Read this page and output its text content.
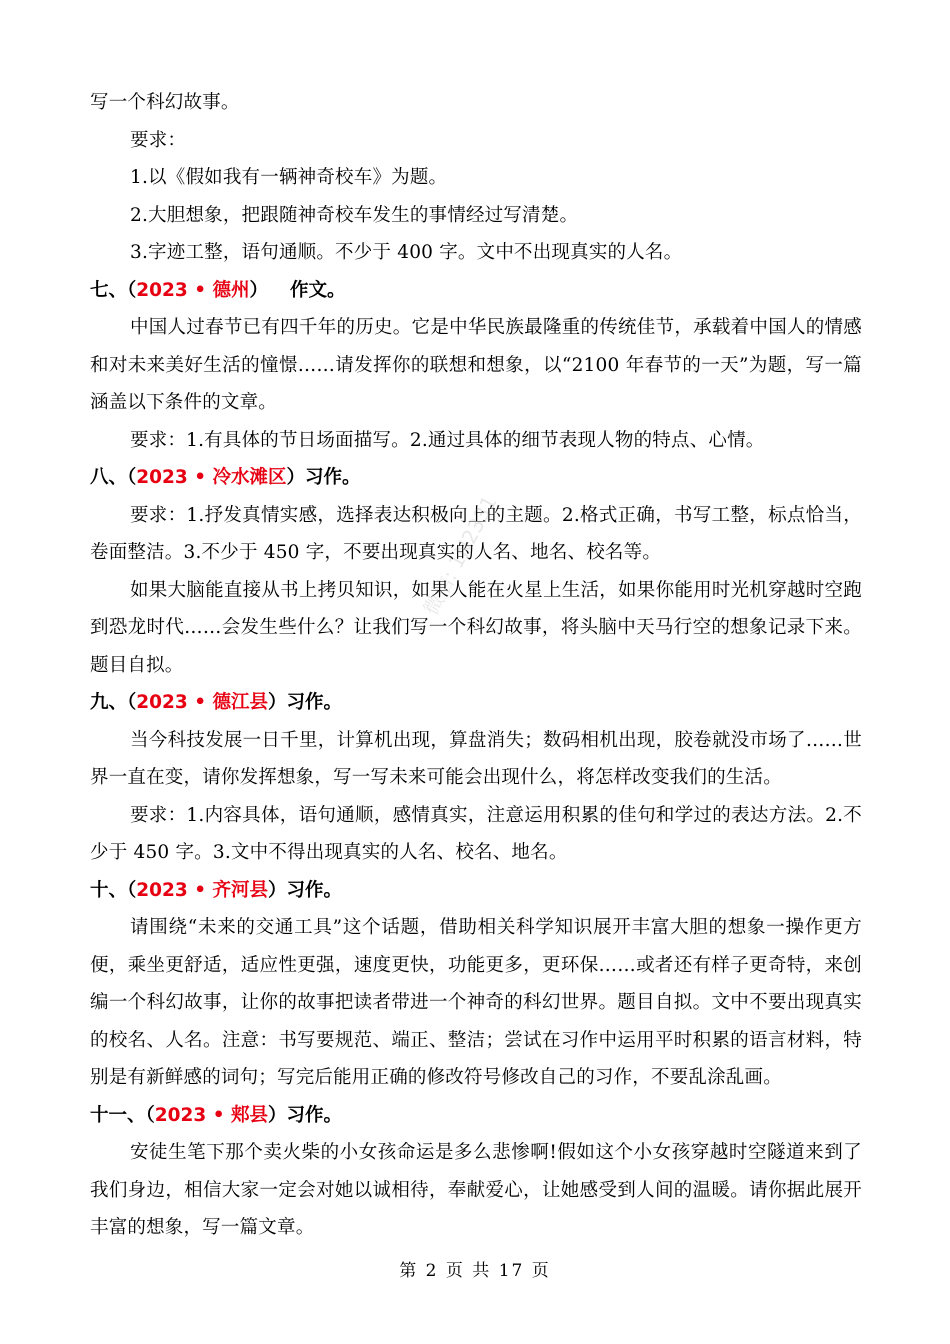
写一个科幻故事。

要求：

1.以《假如我有一辆神奇校车》为题。

2.大胆想象，把跟随神奇校车发生的事情经过写清楚。

3.字迹工整，语句通顺。不少于 400 字。文中不出现真实的人名。

七、（2023 • 德州） 作文。

中国人过春节已有四千年的历史。它是中华民族最隆重的传统佳节，承载着中国人的情感和对未来美好生活的憧憬……请发挥你的联想和想象，以“2100 年春节的一天”为题，写一篇涵盖以下条件的文章。

要求：1.有具体的节日场面描写。2.通过具体的细节表现人物的特点、心情。

八、（2023 • 冷水滩区）习作。

要求：1.抒发真情实感，选择表达积极向上的主题。2.格式正确，书写工整，标点恰当，卷面整洁。3.不少于 450 字，不要出现真实的人名、地名、校名等。

如果大脑能直接从书上拷贝知识，如果人能在火星上生活，如果你能用时光机穿越时空跑到恐龙时代……会发生些什么？让我们写一个科幻故事，将头脑中天马行空的想象记录下来。题目自拟。

九、（2023 • 德江县）习作。

当今科技发展一日千里，计算机出现，算盘消失；数码相机出现，胶卷就没市场了……世界一直在变，请你发挥想象，写一写未来可能会出现什么，将怎样改变我们的生活。

要求：1.内容具体，语句通顺，感情真实，注意运用积累的佳句和学过的表达方法。2.不少于 450 字。3.文中不得出现真实的人名、校名、地名。

十、（2023 • 齐河县）习作。

请围绕“未来的交通工具”这个话题，借助相关科学知识展开丰富大胆的想象一操作更方便，乘坐更舒适，适应性更强，速度更快，功能更多，更环保……或者还有样子更奇特，来创编一个科幻故事，让你的故事把读者带进一个神奇的科幻世界。题目自拟。文中不要出现真实的校名、人名。注意：书写要规范、端正、整洁；尝试在习作中运用平时积累的语言材料，特别是有新鲜感的词句；写完后能用正确的修改符号修改自己的习作，不要乱涂乱画。

十一、（2023 • 郏县）习作。

安徒生笔下那个卖火柴的小女孩命运是多么悲惨啊!假如这个小女孩穿越时空隧道来到了我们身边，相信大家一定会对她以诚相待，奉献爱心，让她感受到人间的温暖。请你据此展开丰富的想象，写一篇文章。

微信: 1N2331
第 2 页 共 17 页
